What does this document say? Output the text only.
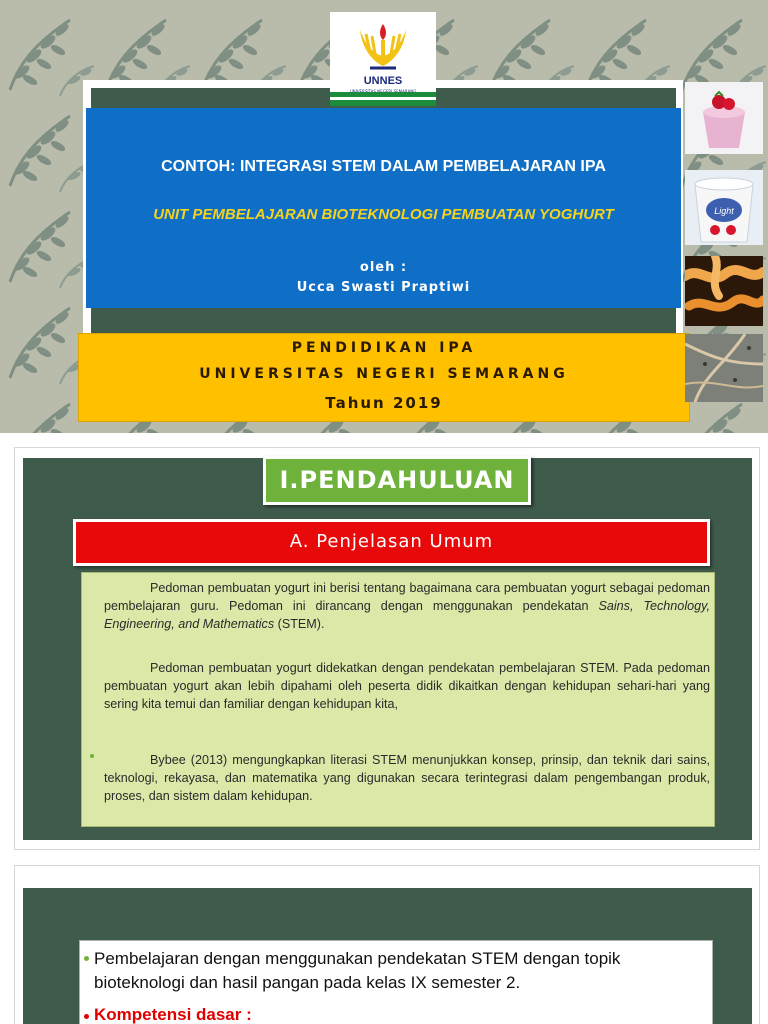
UNNES
CONTOH: INTEGRASI STEM DALAM PEMBELAJARAN IPA
UNIT PEMBELAJARAN BIOTEKNOLOGI PEMBUATAN YOGHURT
oleh :
Ucca Swasti Praptiwi
PENDIDIKAN IPA
UNIVERSITAS NEGERI SEMARANG
Tahun 2019
Light
I.PENDAHULUAN
A. Penjelasan Umum
Pedoman pembuatan yogurt ini berisi tentang bagaimana cara pembuatan yogurt sebagai pedoman pembelajaran guru. Pedoman ini dirancang dengan menggunakan pendekatan Sains, Technology, Engineering, and Mathematics (STEM).
Pedoman pembuatan yogurt didekatkan dengan pendekatan pembelajaran STEM. Pada pedoman pembuatan yogurt akan lebih dipahami oleh peserta didik dikaitkan dengan kehidupan sehari-hari yang sering kita temui dan familiar dengan kehidupan kita,
Bybee (2013) mengungkapkan literasi STEM menunjukkan konsep, prinsip, dan teknik dari sains, teknologi, rekayasa, dan matematika yang digunakan secara terintegrasi dalam pengembangan produk, proses, dan sistem dalam kehidupan.
Pembelajaran dengan menggunakan pendekatan STEM dengan topik bioteknologi dan hasil pangan pada kelas IX semester 2.
Kompetensi dasar :
